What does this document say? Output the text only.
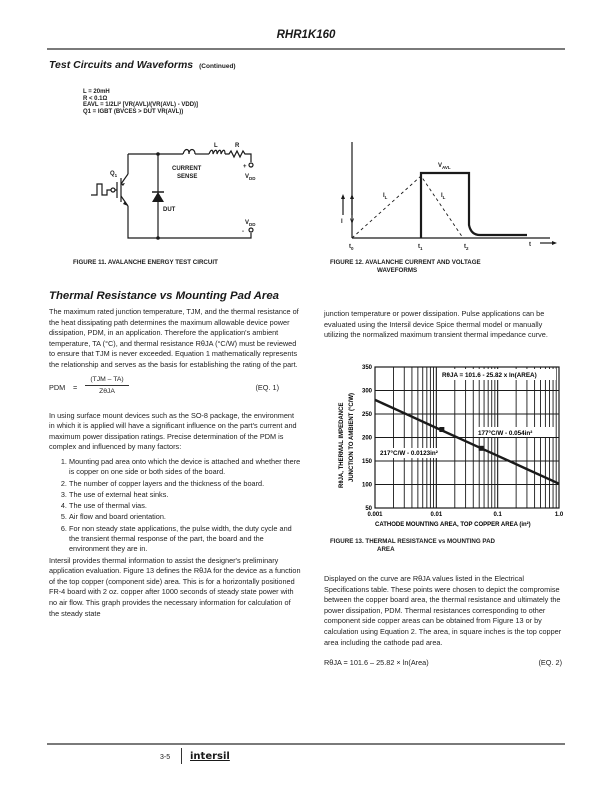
RHR1K160
Test Circuits and Waveforms (Continued)
L = 20mH
R < 0.1Ω
EAVL = 1/2LI² [VR(AVL)/(VR(AVL) - VDD)]
Q1 = IGBT (BVCES > DUT VR(AVL))
L	R
CURRENT
SENSE
+
$V_{DD}$
$V_{DD}$
-
$Q_1$
DUT
FIGURE 11. AVALANCHE ENERGY TEST CIRCUIT
$V_{AVL}$
$I_L$	$I_L$
I V
$t_0$	$t_1$	$t_2$
t
FIGURE 12. AVALANCHE CURRENT AND VOLTAGE
WAVEFORMS
Thermal Resistance vs Mounting Pad Area

The maximum rated junction temperature, TJM, and the thermal resistance of the heat dissipating path determines the maximum allowable device power dissipation, PDM, in an application. Therefore the application's ambient temperature, TA (°C), and thermal resistance RθJA (°C/W) must be reviewed to ensure that TJM is never exceeded. Equation 1 mathematically represents the relationship and serves as the basis for establishing the rating of the part.

PDM =
(TJM – TA)
ZθJA	(EQ. 1)

In using surface mount devices such as the SO-8 package, the environment in which it is applied will have a significant influence on the part's current and maximum power dissipation ratings. Precise determination of the PDM is complex and influenced by many factors:

1. Mounting pad area onto which the device is attached and whether there is copper on one side or both sides of the board.
2. The number of copper layers and the thickness of the board.
3. The use of external heat sinks.
4. The use of thermal vias.
5. Air flow and board orientation.
6. For non steady state applications, the pulse width, the duty cycle and the transient thermal response of the part, the board and the environment they are in.

Intersil provides thermal information to assist the designer's preliminary application evaluation. Figure 13 defines the RθJA for the device as a function of the top copper (component side) area. This is for a horizontally positioned FR-4 board with 2 oz. copper after 1000 seconds of steady state power with no air flow. This graph provides the necessary information for calculation of the steady state

junction temperature or power dissipation. Pulse applications can be evaluated using the Intersil device Spice thermal model or manually utilizing the normalized maximum transient thermal impedance curve.
50
100
150
200
250
300
350
0.001	0.01	0.1	1.0
RθJA = 101.6 - 25.82 x ln(AREA)
217°C/W - 0.0123in²
177°C/W - 0.054in²
RθJA, THERMAL IMPEDANCE JUNCTION TO AMBIENT (°C/W)
CATHODE MOUNTING AREA, TOP COPPER AREA (in²)
FIGURE 13. THERMAL RESISTANCE vs MOUNTING PAD
AREA
Displayed on the curve are RθJA values listed in the Electrical Specifications table. These points were chosen to depict the compromise between the copper board area, the thermal resistance and ultimately the power dissipation, PDM. Thermal resistances corresponding to other component side copper areas can be obtained from Figure 13 or by calculation using Equation 2. The area, in square inches is the top copper area including the cathode pad area.
RθJA = 101.6 – 25.82 × ln(Area)	(EQ. 2)
3-5 intersil
